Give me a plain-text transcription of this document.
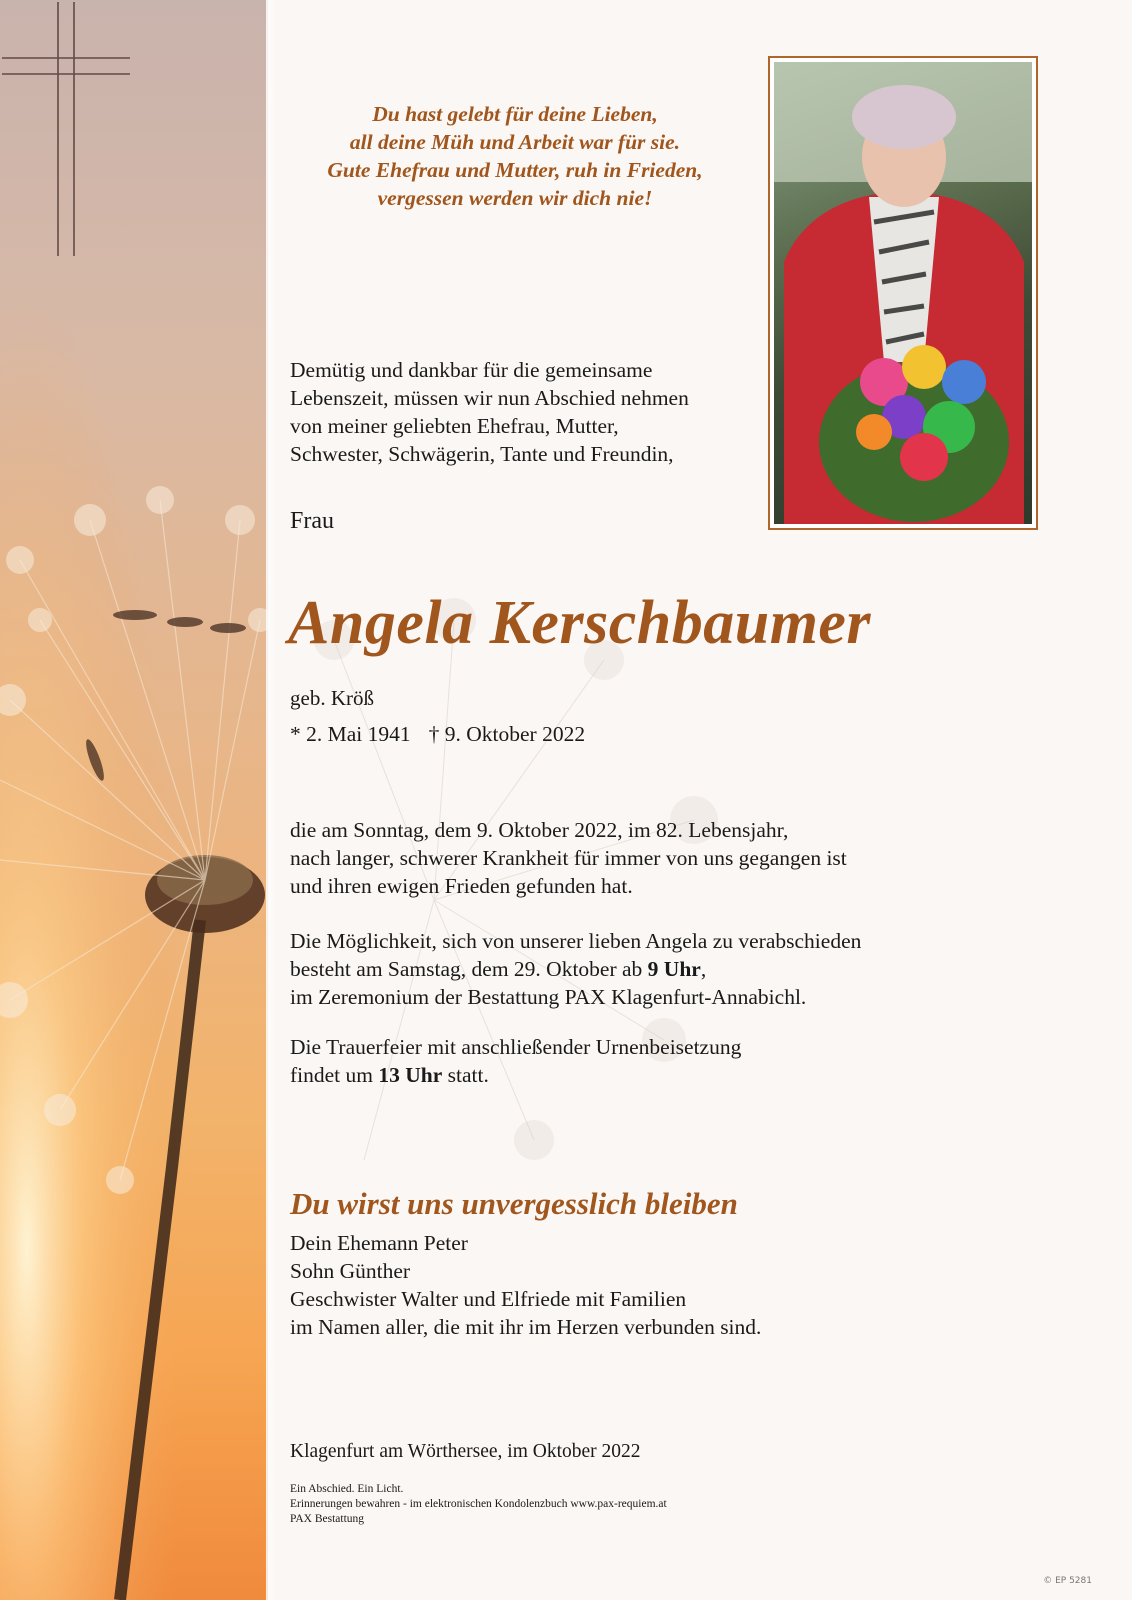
Du hast gelebt für deine Lieben,
all deine Müh und Arbeit war für sie.
Gute Ehefrau und Mutter, ruh in Frieden,
vergessen werden wir dich nie!
Demütig und dankbar für die gemeinsame
Lebenszeit, müssen wir nun Abschied nehmen
von meiner geliebten Ehefrau, Mutter,
Schwester, Schwägerin, Tante und Freundin,
Frau
Angela Kerschbaumer
geb. Kröß
* 2. Mai 1941 † 9. Oktober 2022
die am Sonntag, dem 9. Oktober 2022, im 82. Lebensjahr,
nach langer, schwerer Krankheit für immer von uns gegangen ist
und ihren ewigen Frieden gefunden hat.
Die Möglichkeit, sich von unserer lieben Angela zu verabschieden
besteht am Samstag, dem 29. Oktober ab 9 Uhr,
im Zeremonium der Bestattung PAX Klagenfurt-Annabichl.
Die Trauerfeier mit anschließender Urnenbeisetzung
findet um 13 Uhr statt.
Du wirst uns unvergesslich bleiben
Dein Ehemann Peter
Sohn Günther
Geschwister Walter und Elfriede mit Familien
im Namen aller, die mit ihr im Herzen verbunden sind.
Klagenfurt am Wörthersee, im Oktober 2022
Ein Abschied. Ein Licht.
Erinnerungen bewahren - im elektronischen Kondolenzbuch www.pax-requiem.at
PAX Bestattung
© EP 5281
